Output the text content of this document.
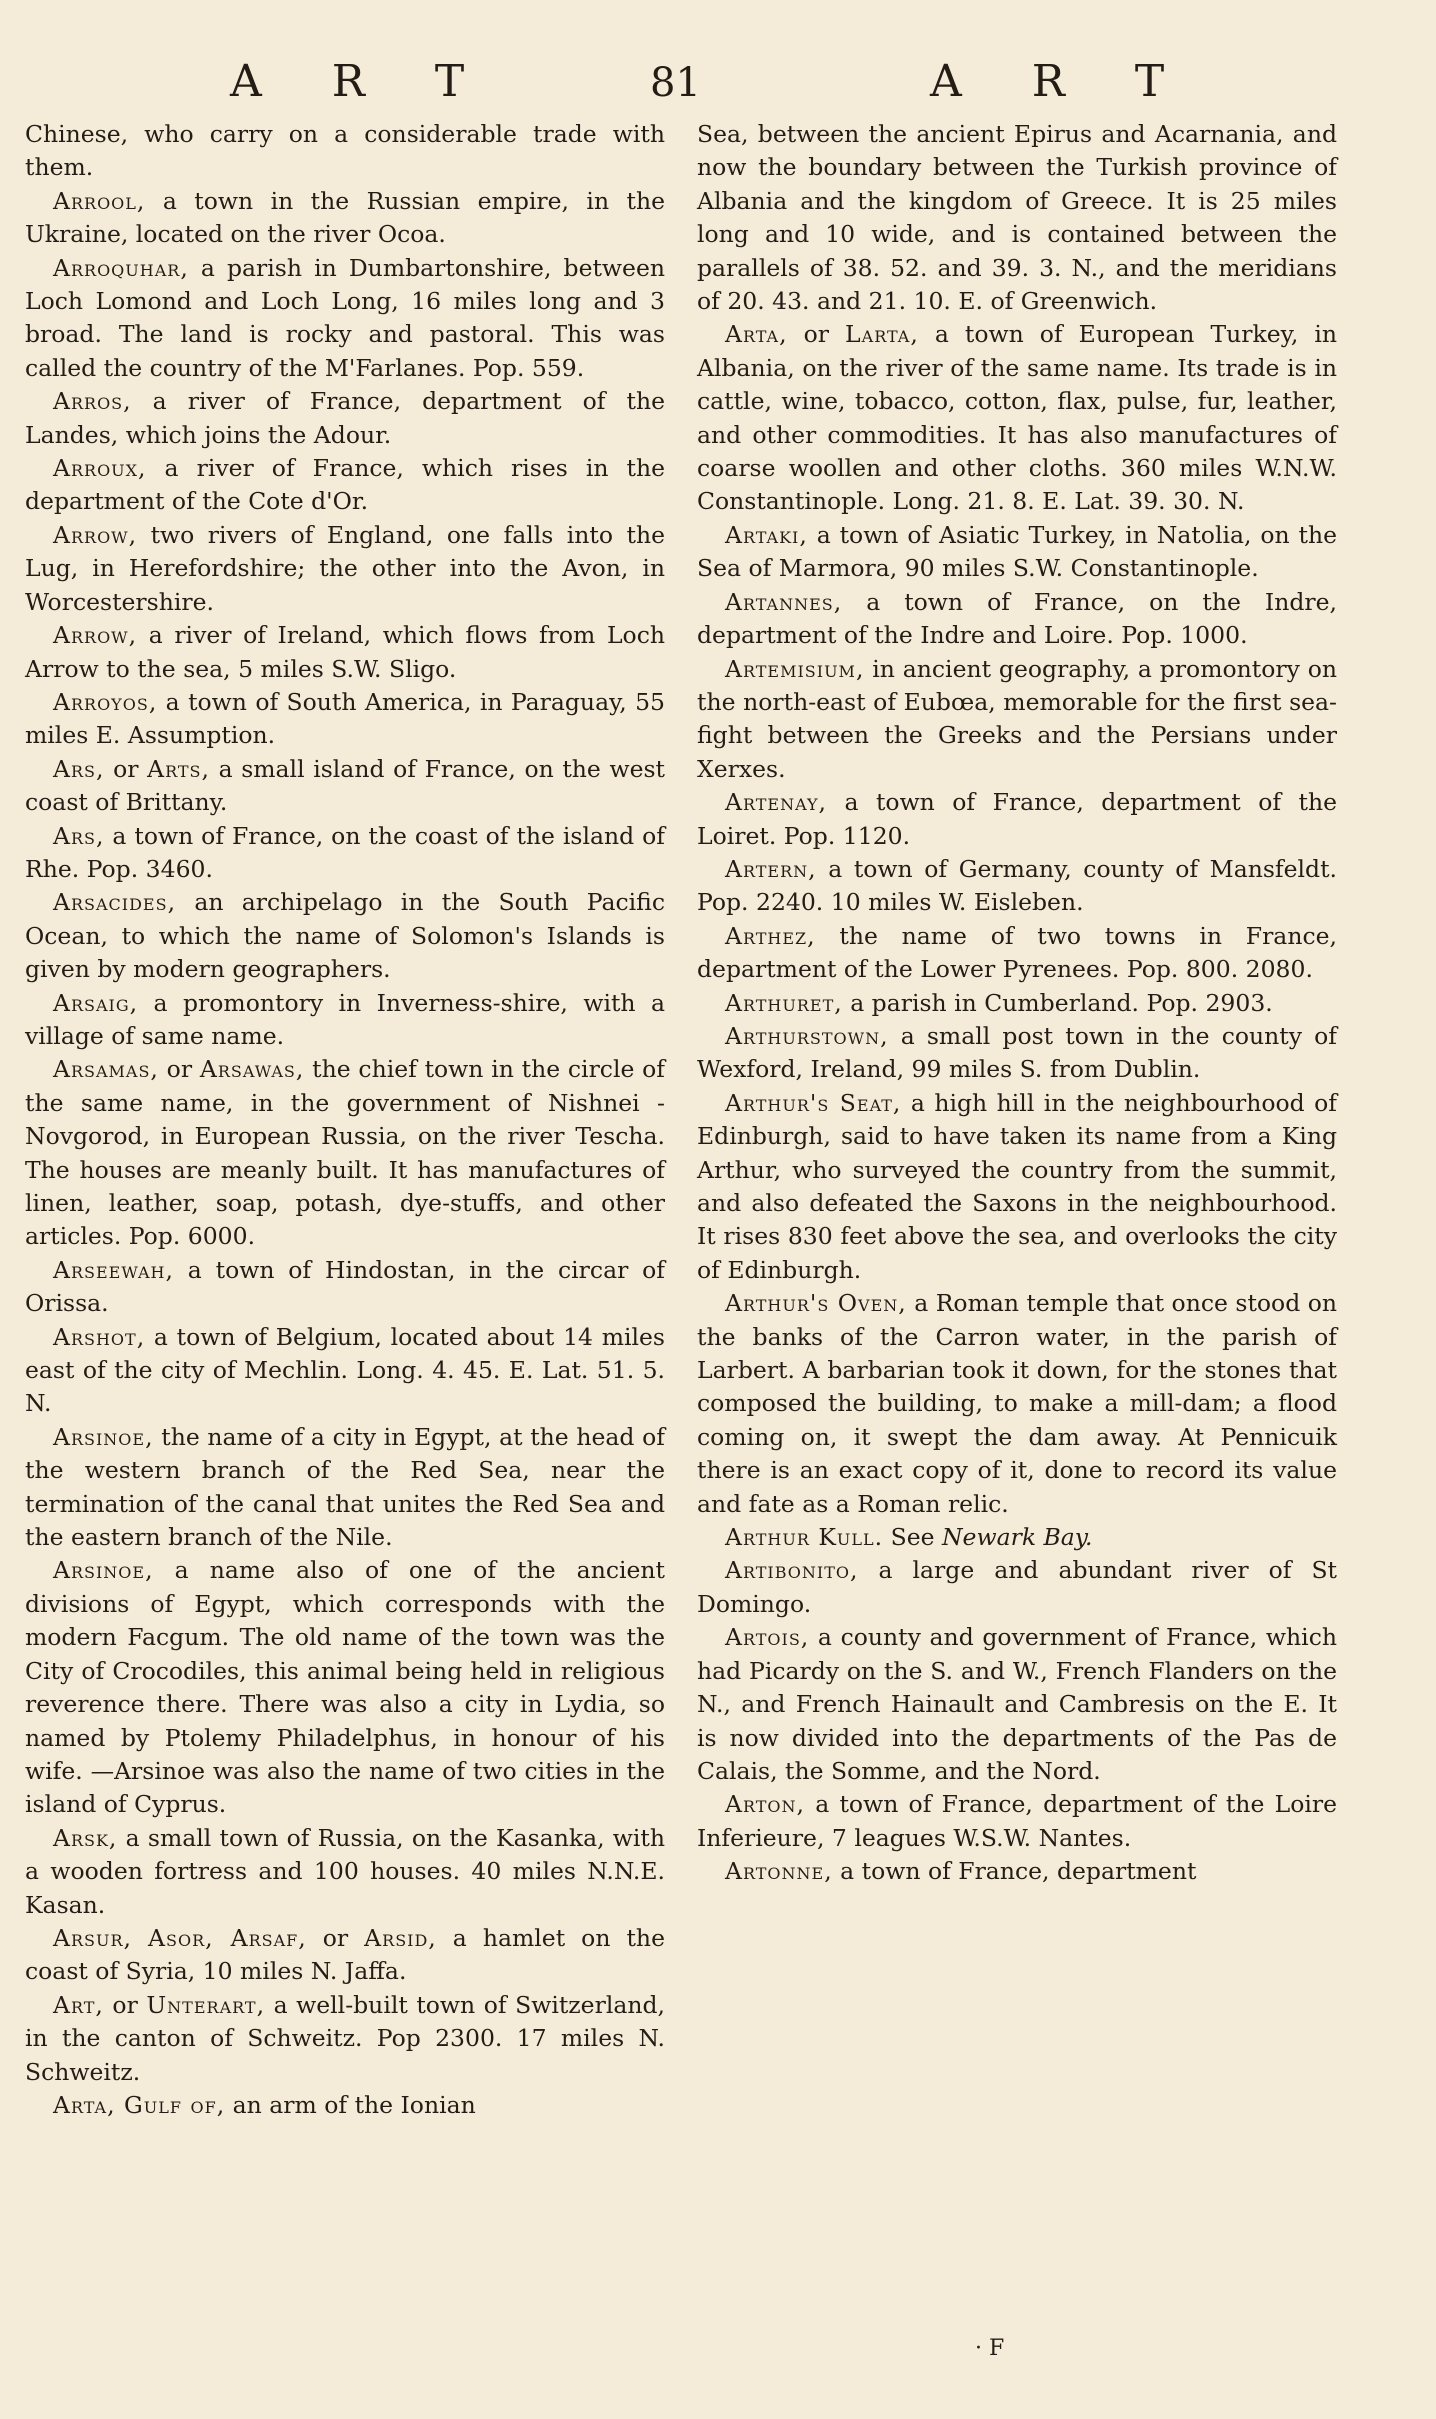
A R T	81	A R T

Chinese, who carry on a considerable trade with them.

Arrool, a town in the Russian empire, in the Ukraine, located on the river Ocoa.

Arroquhar, a parish in Dumbartonshire, between Loch Lomond and Loch Long, 16 miles long and 3 broad. The land is rocky and pastoral. This was called the country of the M'Farlanes. Pop. 559.

Arros, a river of France, department of the Landes, which joins the Adour.

Arroux, a river of France, which rises in the department of the Cote d'Or.

Arrow, two rivers of England, one falls into the Lug, in Herefordshire; the other into the Avon, in Worcestershire.

Arrow, a river of Ireland, which flows from Loch Arrow to the sea, 5 miles S.W. Sligo.

Arroyos, a town of South America, in Paraguay, 55 miles E. Assumption.

Ars, or Arts, a small island of France, on the west coast of Brittany.

Ars, a town of France, on the coast of the island of Rhe. Pop. 3460.

Arsacides, an archipelago in the South Pacific Ocean, to which the name of Solomon's Islands is given by modern geographers.

Arsaig, a promontory in Inverness-shire, with a village of same name.

Arsamas, or Arsawas, the chief town in the circle of the same name, in the government of Nishnei - Novgorod, in European Russia, on the river Tescha. The houses are meanly built. It has manufactures of linen, leather, soap, potash, dye-stuffs, and other articles. Pop. 6000.

Arseewah, a town of Hindostan, in the circar of Orissa.

Arshot, a town of Belgium, located about 14 miles east of the city of Mechlin. Long. 4. 45. E. Lat. 51. 5. N.

Arsinoe, the name of a city in Egypt, at the head of the western branch of the Red Sea, near the termination of the canal that unites the Red Sea and the eastern branch of the Nile.

Arsinoe, a name also of one of the ancient divisions of Egypt, which corresponds with the modern Facgum. The old name of the town was the City of Crocodiles, this animal being held in religious reverence there. There was also a city in Lydia, so named by Ptolemy Philadelphus, in honour of his wife. —Arsinoe was also the name of two cities in the island of Cyprus.

Arsk, a small town of Russia, on the Kasanka, with a wooden fortress and 100 houses. 40 miles N.N.E. Kasan.

Arsur, Asor, Arsaf, or Arsid, a hamlet on the coast of Syria, 10 miles N. Jaffa.

Art, or Unterart, a well-built town of Switzerland, in the canton of Schweitz. Pop 2300. 17 miles N. Schweitz.

Arta, Gulf of, an arm of the Ionian

Sea, between the ancient Epirus and Acarnania, and now the boundary between the Turkish province of Albania and the kingdom of Greece. It is 25 miles long and 10 wide, and is contained between the parallels of 38. 52. and 39. 3. N., and the meridians of 20. 43. and 21. 10. E. of Greenwich.

Arta, or Larta, a town of European Turkey, in Albania, on the river of the same name. Its trade is in cattle, wine, tobacco, cotton, flax, pulse, fur, leather, and other commodities. It has also manufactures of coarse woollen and other cloths. 360 miles W.N.W. Constantinople. Long. 21. 8. E. Lat. 39. 30. N.

Artaki, a town of Asiatic Turkey, in Natolia, on the Sea of Marmora, 90 miles S.W. Constantinople.

Artannes, a town of France, on the Indre, department of the Indre and Loire. Pop. 1000.

Artemisium, in ancient geography, a promontory on the north-east of Eubœa, memorable for the first sea-fight between the Greeks and the Persians under Xerxes.

Artenay, a town of France, department of the Loiret. Pop. 1120.

Artern, a town of Germany, county of Mansfeldt. Pop. 2240. 10 miles W. Eisleben.

Arthez, the name of two towns in France, department of the Lower Pyrenees. Pop. 800. 2080.

Arthuret, a parish in Cumberland. Pop. 2903.

Arthurstown, a small post town in the county of Wexford, Ireland, 99 miles S. from Dublin.

Arthur's Seat, a high hill in the neighbourhood of Edinburgh, said to have taken its name from a King Arthur, who surveyed the country from the summit, and also defeated the Saxons in the neighbourhood. It rises 830 feet above the sea, and overlooks the city of Edinburgh.

Arthur's Oven, a Roman temple that once stood on the banks of the Carron water, in the parish of Larbert. A barbarian took it down, for the stones that composed the building, to make a mill-dam; a flood coming on, it swept the dam away. At Pennicuik there is an exact copy of it, done to record its value and fate as a Roman relic.

Arthur Kull. See Newark Bay.

Artibonito, a large and abundant river of St Domingo.

Artois, a county and government of France, which had Picardy on the S. and W., French Flanders on the N., and French Hainault and Cambresis on the E. It is now divided into the departments of the Pas de Calais, the Somme, and the Nord.

Arton, a town of France, department of the Loire Inferieure, 7 leagues W.S.W. Nantes.

Artonne, a town of France, department

· F
